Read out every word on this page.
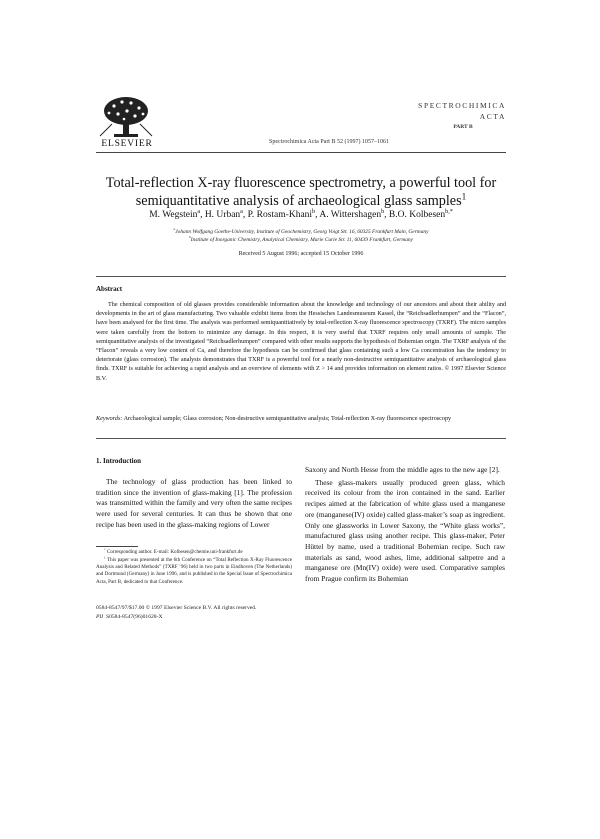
ELSEVIER	Spectrochimica Acta Part B 52 (1997) 1057–1061
SPECTROCHIMICA
ACTA
PART B
Total-reflection X-ray fluorescence spectrometry, a powerful tool for semiquantitative analysis of archaeological glass samples$^1$
M. Wegstein$^a$, H. Urban$^a$, P. Rostam-Khani$^b$, A. Wittershagen$^b$, B.O. Kolbesen$^{b,*}$
$^a$Johann Wolfgang Goethe-University, Institute of Geochemistry, Georg Voigt Str. 16, 60325 Frankfurt Main, Germany
$^b$Institute of Inorganic Chemistry, Analytical Chemistry, Marie Curie Str. 11, 60439 Frankfurt, Germany
Received 5 August 1996; accepted 15 October 1996
Abstract
The chemical composition of old glasses provides considerable information about the knowledge and technology of our ancestors and about their ability and developments in the art of glass manufacturing. Two valuable exhibit items from the Hessisches Landesmuseum Kassel, the “Reichsadlerhumpen” and the “Flacon”, have been analysed for the first time. The analysis was performed semiquantitatively by total-reflection X-ray fluorescence spectroscopy (TXRF). The micro samples were taken carefully from the bottom to minimize any damage. In this respect, it is very useful that TXRF requires only small amounts of sample. The semiquantitative analysis of the investigated “Reichsadlerhumpen” compared with other results supports the hypothesis of Bohemian origin. The TXRF analysis of the “Flacon” reveals a very low content of Ca, and therefore the hypothesis can be confirmed that glass containing such a low Ca concentration has the tendency to deteriorate (glass corrosion). The analysis demonstrates that TXRF is a powerful tool for a nearly non-destructive semiquantitative analysis of archaeological glass finds. TXRF is suitable for achieving a rapid analysis and an overview of elements with Z > 14 and provides information on element ratios. © 1997 Elsevier Science B.V.
Keywords: Archaeological sample; Glass corrosion; Non-destructive semiquantitative analysis; Total-reflection X-ray fluorescence spectroscopy
1. Introduction
The technology of glass production has been linked to tradition since the invention of glass-making [1]. The profession was transmitted within the family and very often the same recipes were used for several centuries. It can thus be shown that one recipe has been used in the glass-making regions of Lower
* Corresponding author. E-mail: Kolbesen@chemie.uni-frankfurt.de
$^1$ This paper was presented at the 6th Conference on “Total Reflection X-Ray Fluorescence Analysis and Related Methods” (TXRF ’96) held in two parts in Eindhoven (The Netherlands) and Dortmund (Germany) in June 1996, and is published in the Special Issue of Spectrochimica Acta, Part B, dedicated to that Conference.

Saxony and North Hesse from the middle ages to the new age [2].

These glass-makers usually produced green glass, which received its colour from the iron contained in the sand. Earlier recipes aimed at the fabrication of white glass used a manganese ore (manganese(IV) oxide) called glass-maker’s soap as ingredient. Only one glassworks in Lower Saxony, the “White glass works”, manufactured glass using another recipe. This glass-maker, Peter Hüttel by name, used a traditional Bohemian recipe. Such raw materials as sand, wood ashes, lime, additional saltpetre and a manganese ore (Mn(IV) oxide) were used. Comparative samples from Prague confirm its Bohemian

0584-8547/97/$17.00 © 1997 Elsevier Science B.V. All rights reserved.
PII S0584-8547(96)01628-X
